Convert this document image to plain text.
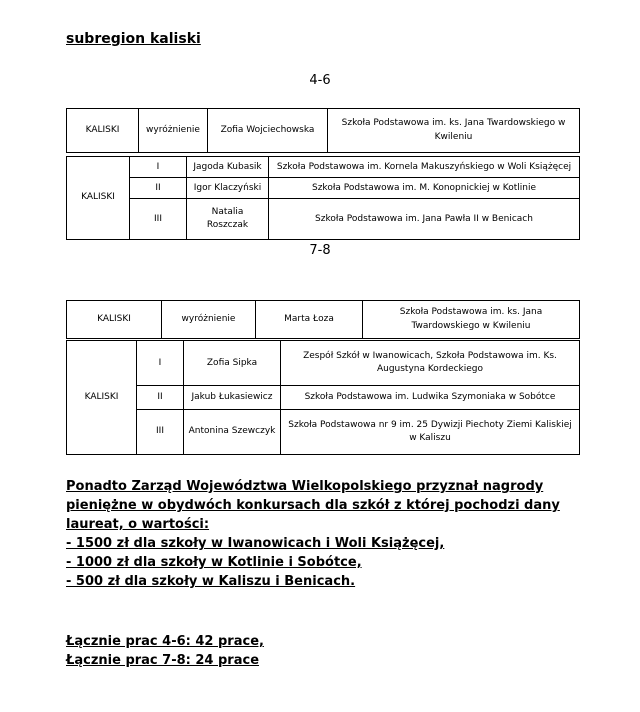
subregion kaliski
4-6
KALISKI	wyróżnienie	Zofia Wojciechowska	Szkoła Podstawowa im. ks. Jana Twardowskiego w Kwileniu
KALISKI	I	Jagoda Kubasik	Szkoła Podstawowa im. Kornela Makuszyńskiego w Woli Książęcej
	II	Igor Klaczyński	Szkoła Podstawowa im. M. Konopnickiej w Kotlinie
	III	Natalia Roszczak	Szkoła Podstawowa im. Jana Pawła II w Benicach
7-8
KALISKI	wyróżnienie	Marta Łoza	Szkoła Podstawowa im. ks. Jana Twardowskiego w Kwileniu
KALISKI	I	Zofia Sipka	Zespół Szkół w Iwanowicach, Szkoła Podstawowa im. Ks. Augustyna Kordeckiego
	II	Jakub Łukasiewicz	Szkoła Podstawowa im. Ludwika Szymoniaka w Sobótce
	III	Antonina Szewczyk	Szkoła Podstawowa nr 9 im. 25 Dywizji Piechoty Ziemi Kaliskiej w Kaliszu

Ponadto Zarząd Województwa Wielkopolskiego przyznał nagrody pieniężne w obydwóch konkursach dla szkół z której pochodzi dany laureat, o wartości:

- 1500 zł dla szkoły w Iwanowicach i Woli Książęcej,

- 1000 zł dla szkoły w Kotlinie i Sobótce,

- 500 zł dla szkoły w Kaliszu i Benicach.

Łącznie prac 4-6: 42 prace,

Łącznie prac 7-8: 24 prace
